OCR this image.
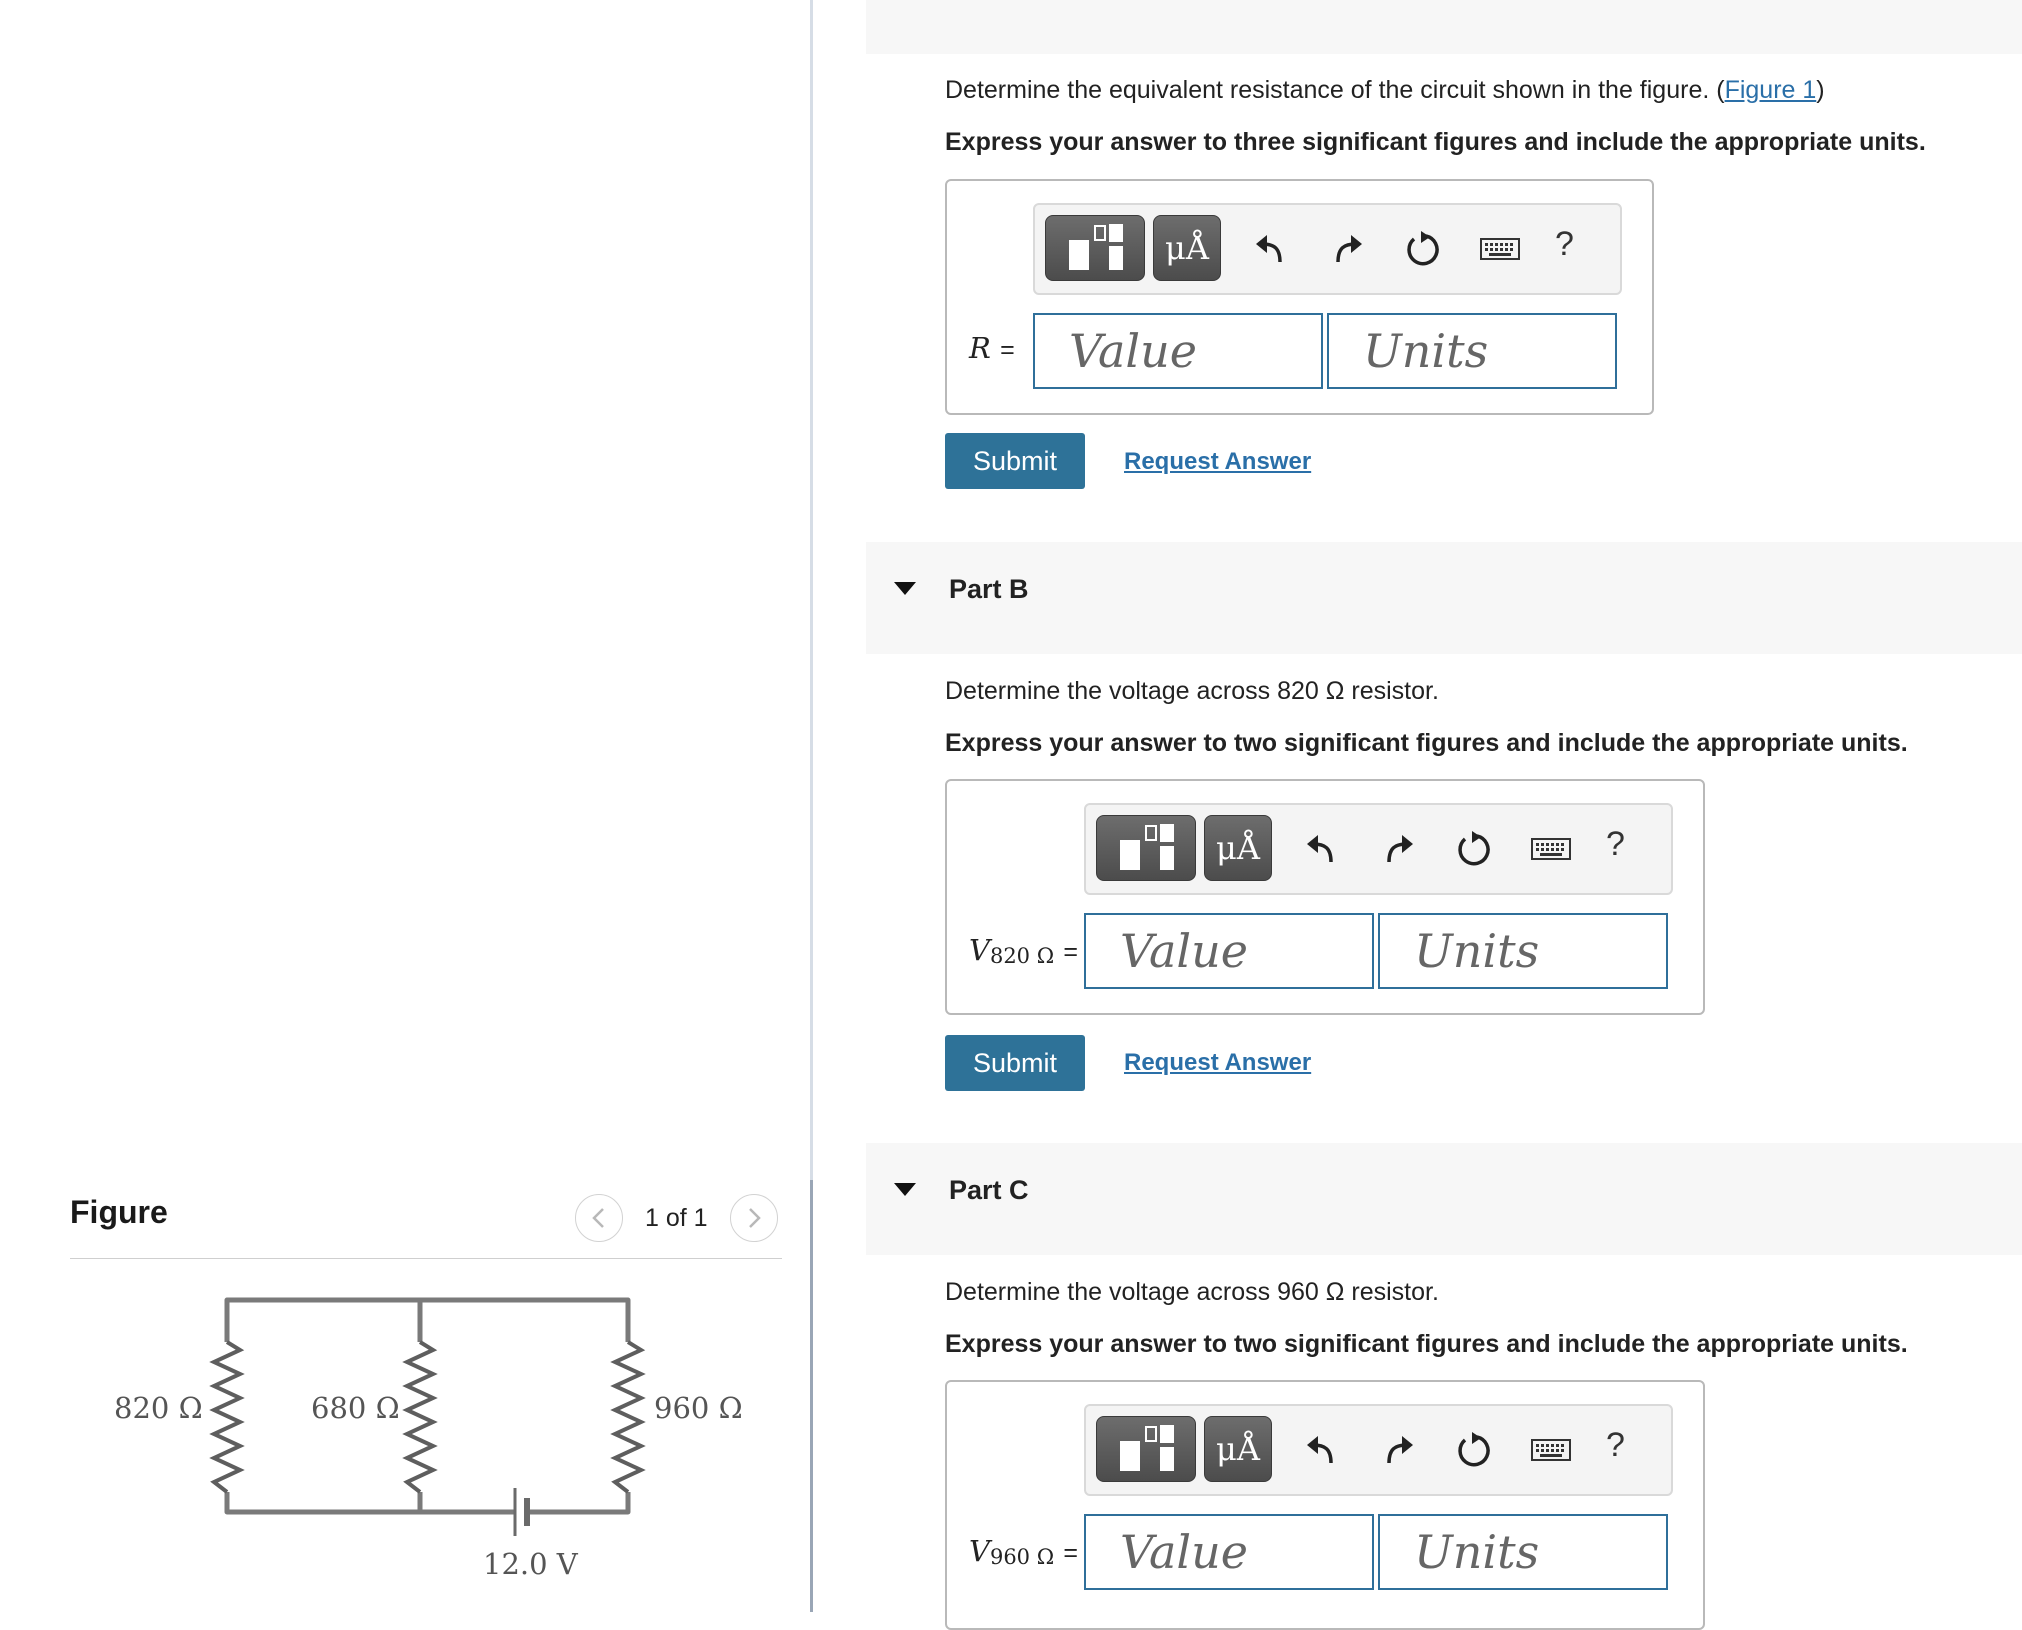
Figure	1 of 1
820 Ω	680 Ω	960 Ω
12.0 V
Determine the equivalent resistance of the circuit shown in the figure. (Figure 1)
Express your answer to three significant figures and include the appropriate units.
μÅ	?
R =
Value
Units
Submit	Request Answer
Part B
Determine the voltage across 820 Ω resistor.
Express your answer to two significant figures and include the appropriate units.
μÅ	?
$V_{820 \Omega}$ =
Value
Units
Submit	Request Answer
Part C
Determine the voltage across 960 Ω resistor.
Express your answer to two significant figures and include the appropriate units.
μÅ	?
$V_{960 \Omega}$ =
Value
Units
